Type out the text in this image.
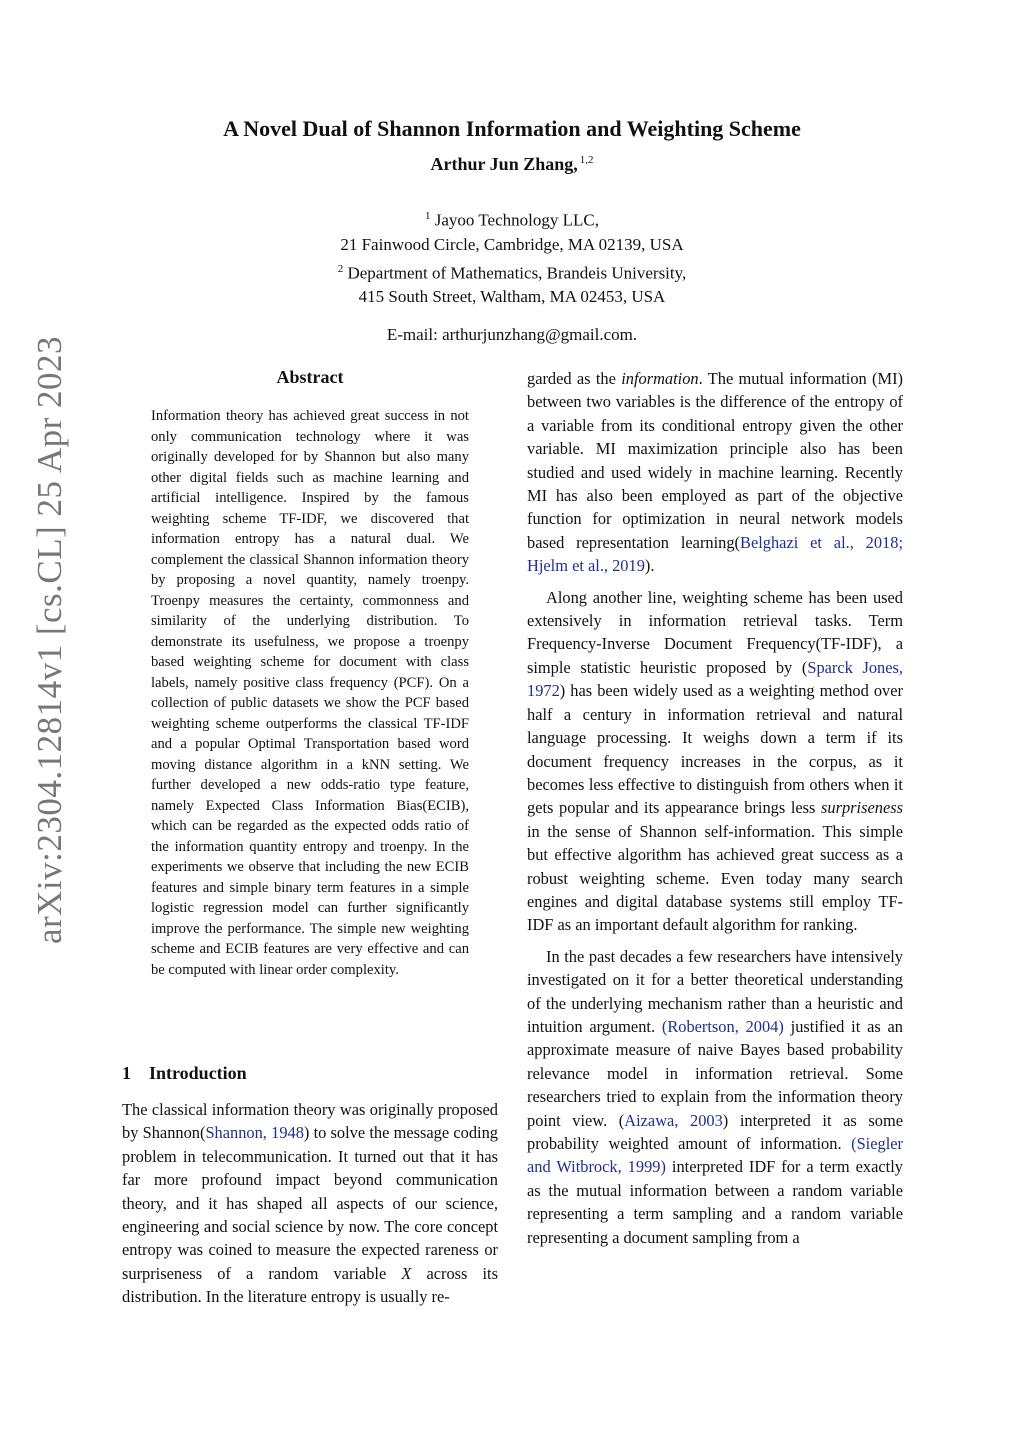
arXiv:2304.12814v1 [cs.CL] 25 Apr 2023
A Novel Dual of Shannon Information and Weighting Scheme
Arthur Jun Zhang, $^{1,2}$
$^1$ Jayoo Technology LLC,
21 Fainwood Circle, Cambridge, MA 02139, USA
$^2$ Department of Mathematics, Brandeis University,
415 South Street, Waltham, MA 02453, USA
E-mail: arthurjunzhang@gmail.com.
Abstract
Information theory has achieved great success in not only communication technology where it was originally developed for by Shannon but also many other digital fields such as machine learning and artificial intelligence. Inspired by the famous weighting scheme TF-IDF, we discovered that information entropy has a natural dual. We complement the classical Shannon information theory by proposing a novel quantity, namely troenpy. Troenpy measures the certainty, commonness and similarity of the underlying distribution. To demonstrate its usefulness, we propose a troenpy based weighting scheme for document with class labels, namely positive class frequency (PCF). On a collection of public datasets we show the PCF based weighting scheme outperforms the classical TF-IDF and a popular Optimal Transportation based word moving distance algorithm in a kNN setting. We further developed a new odds-ratio type feature, namely Expected Class Information Bias(ECIB), which can be regarded as the expected odds ratio of the information quantity entropy and troenpy. In the experiments we observe that including the new ECIB features and simple binary term features in a simple logistic regression model can further significantly improve the performance. The simple new weighting scheme and ECIB features are very effective and can be computed with linear order complexity.
1 Introduction

The classical information theory was originally proposed by Shannon(Shannon, 1948) to solve the message coding problem in telecommunication. It turned out that it has far more profound impact beyond communication theory, and it has shaped all aspects of our science, engineering and social science by now. The core concept entropy was coined to measure the expected rareness or surpriseness of a random variable X across its distribution. In the literature entropy is usually re-

garded as the information. The mutual information (MI) between two variables is the difference of the entropy of a variable from its conditional entropy given the other variable. MI maximization principle also has been studied and used widely in machine learning. Recently MI has also been employed as part of the objective function for optimization in neural network models based representation learning(Belghazi et al., 2018; Hjelm et al., 2019).

Along another line, weighting scheme has been used extensively in information retrieval tasks. Term Frequency-Inverse Document Frequency(TF-IDF), a simple statistic heuristic proposed by (Sparck Jones, 1972) has been widely used as a weighting method over half a century in information retrieval and natural language processing. It weighs down a term if its document frequency increases in the corpus, as it becomes less effective to distinguish from others when it gets popular and its appearance brings less surpriseness in the sense of Shannon self-information. This simple but effective algorithm has achieved great success as a robust weighting scheme. Even today many search engines and digital database systems still employ TF-IDF as an important default algorithm for ranking.

In the past decades a few researchers have intensively investigated on it for a better theoretical understanding of the underlying mechanism rather than a heuristic and intuition argument. (Robertson, 2004) justified it as an approximate measure of naive Bayes based probability relevance model in information retrieval. Some researchers tried to explain from the information theory point view. (Aizawa, 2003) interpreted it as some probability weighted amount of information. (Siegler and Witbrock, 1999) interpreted IDF for a term exactly as the mutual information between a random variable representing a term sampling and a random variable representing a document sampling from a
